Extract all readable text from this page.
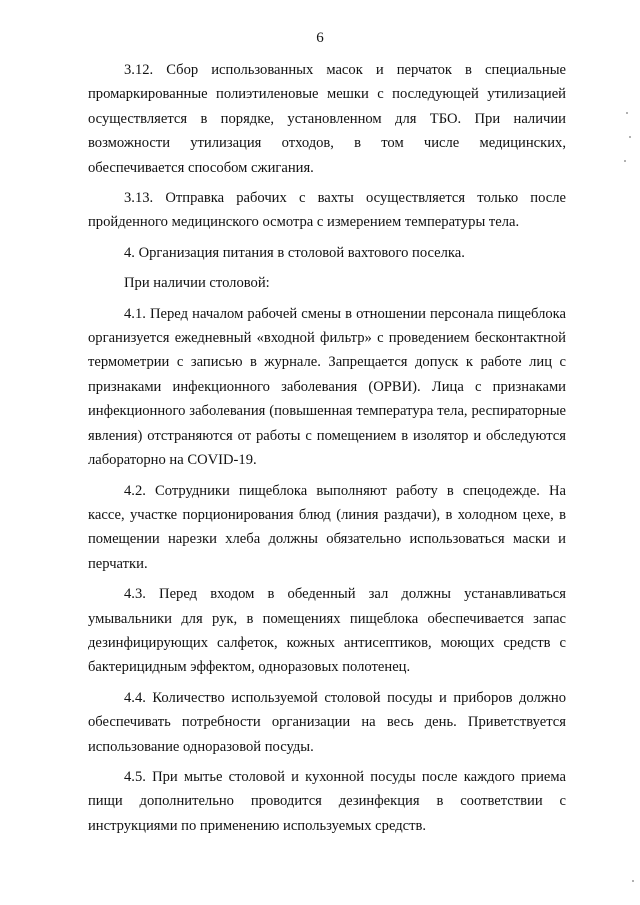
6

3.12. Сбор использованных масок и перчаток в специальные промаркированные полиэтиленовые мешки с последующей утилизацией осуществляется в порядке, установленном для ТБО. При наличии возможности утилизация отходов, в том числе медицинских, обеспечивается способом сжигания.

3.13. Отправка рабочих с вахты осуществляется только после пройденного медицинского осмотра с измерением температуры тела.

4. Организация питания в столовой вахтового поселка.

При наличии столовой:

4.1. Перед началом рабочей смены в отношении персонала пищеблока организуется ежедневный «входной фильтр» с проведением бесконтактной термометрии с записью в журнале. Запрещается допуск к работе лиц с признаками инфекционного заболевания (ОРВИ). Лица с признаками инфекционного заболевания (повышенная температура тела, респираторные явления) отстраняются от работы с помещением в изолятор и обследуются лабораторно на COVID-19.

4.2. Сотрудники пищеблока выполняют работу в спецодежде. На кассе, участке порционирования блюд (линия раздачи), в холодном цехе, в помещении нарезки хлеба должны обязательно использоваться маски и перчатки.

4.3. Перед входом в обеденный зал должны устанавливаться умывальники для рук, в помещениях пищеблока обеспечивается запас дезинфицирующих салфеток, кожных антисептиков, моющих средств с бактерицидным эффектом, одноразовых полотенец.

4.4. Количество используемой столовой посуды и приборов должно обеспечивать потребности организации на весь день. Приветствуется использование одноразовой посуды.

4.5. При мытье столовой и кухонной посуды после каждого приема пищи дополнительно проводится дезинфекция в соответствии с инструкциями по применению используемых средств.
